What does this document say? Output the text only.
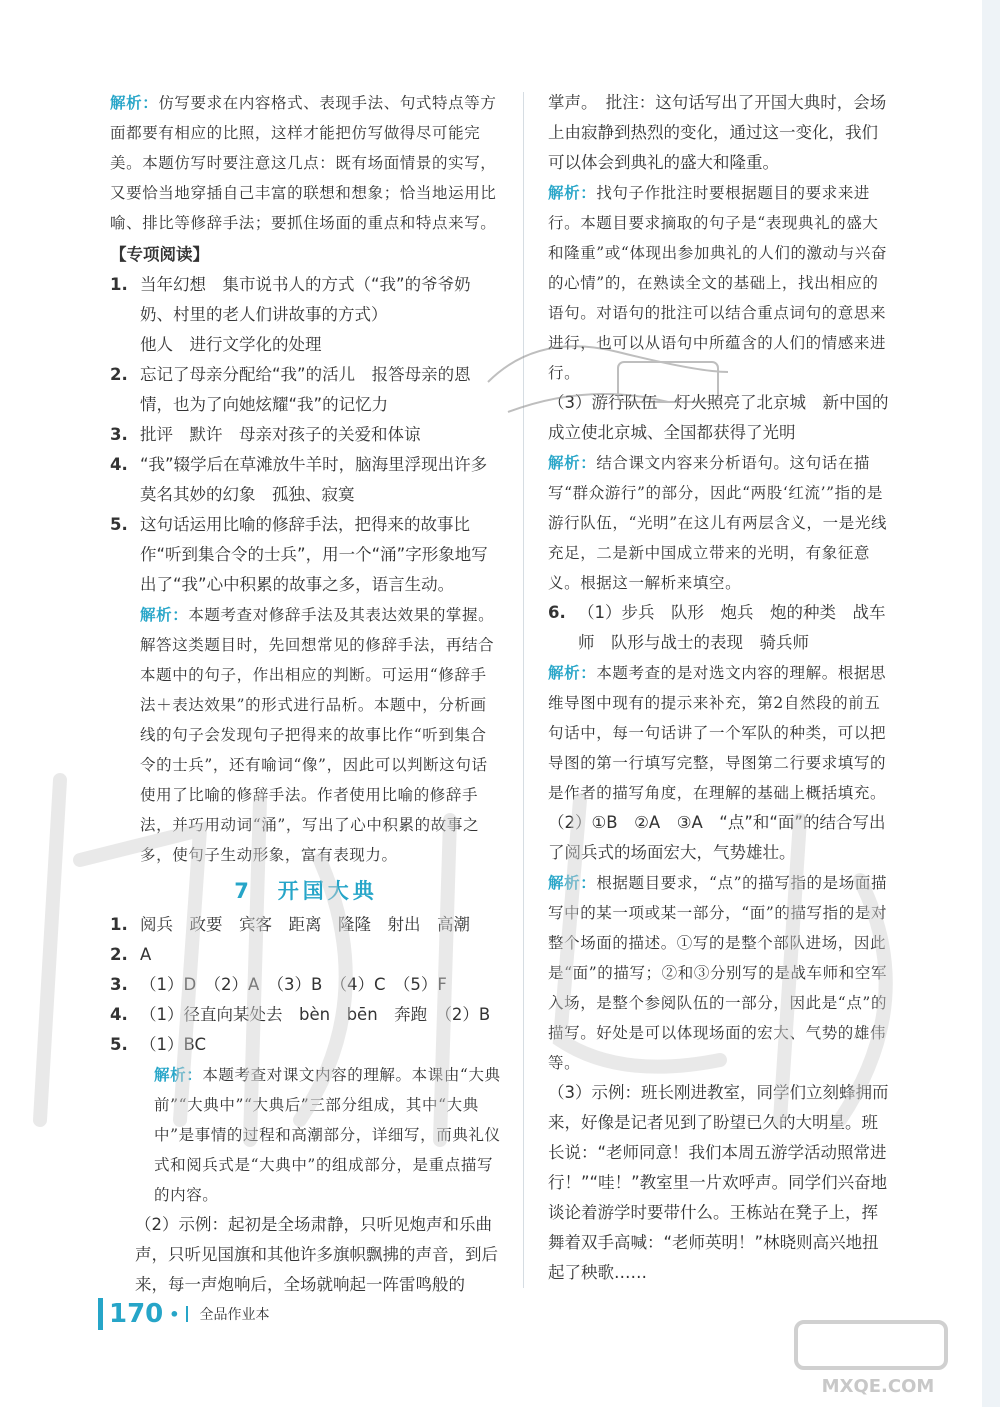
解析：仿写要求在内容格式、表现手法、句式特点等方面都要有相应的比照，这样才能把仿写做得尽可能完美。本题仿写时要注意这几点：既有场面情景的实写，又要恰当地穿插自己丰富的联想和想象；恰当地运用比喻、排比等修辞手法；要抓住场面的重点和特点来写。

【专项阅读】

1. 当年幻想　集市说书人的方式（“我”的爷爷奶奶、村里的老人们讲故事的方式）
他人　进行文学化的处理
2. 忘记了母亲分配给“我”的活儿　报答母亲的恩情，也为了向她炫耀“我”的记忆力
3. 批评　默许　母亲对孩子的关爱和体谅
4. “我”辍学后在草滩放牛羊时，脑海里浮现出许多莫名其妙的幻象　孤独、寂寞
5. 这句话运用比喻的修辞手法，把得来的故事比作“听到集合令的士兵”，用一个“涌”字形象地写出了“我”心中积累的故事之多，语言生动。

解析：本题考查对修辞手法及其表达效果的掌握。解答这类题目时，先回想常见的修辞手法，再结合本题中的句子，作出相应的判断。可运用“修辞手法＋表达效果”的形式进行品析。本题中，分析画线的句子会发现句子把得来的故事比作“听到集合令的士兵”，还有喻词“像”，因此可以判断这句话使用了比喻的修辞手法。作者使用比喻的修辞手法，并巧用动词“涌”，写出了心中积累的故事之多，使句子生动形象，富有表现力。

7　开国大典
1. 阅兵　政要　宾客　距离　隆隆　射出　高潮
2. A
3. （1）D　（2）A　（3）B　（4）C　（5）F
4. （1）径直向某处去　bèn　bēn　奔跑　（2）B
5. （1）BC

解析：本题考查对课文内容的理解。本课由“大典前”“大典中”“大典后”三部分组成，其中“大典中”是事情的过程和高潮部分，详细写，而典礼仪式和阅兵式是“大典中”的组成部分，是重点描写的内容。

（2）示例：起初是全场肃静，只听见炮声和乐曲声，只听见国旗和其他许多旗帜飘拂的声音，到后来，每一声炮响后，全场就响起一阵雷鸣般的

掌声。　批注：这句话写出了开国大典时，会场上由寂静到热烈的变化，通过这一变化，我们可以体会到典礼的盛大和隆重。

解析：找句子作批注时要根据题目的要求来进行。本题目要求摘取的句子是“表现典礼的盛大和隆重”或“体现出参加典礼的人们的激动与兴奋的心情”的，在熟读全文的基础上，找出相应的语句。对语句的批注可以结合重点词句的意思来进行，也可以从语句中所蕴含的人们的情感来进行。

（3）游行队伍　灯火照亮了北京城　新中国的成立使北京城、全国都获得了光明

解析：结合课文内容来分析语句。这句话在描写“群众游行”的部分，因此“两股‘红流’”指的是游行队伍，“光明”在这儿有两层含义，一是光线充足，二是新中国成立带来的光明，有象征意义。根据这一解析来填空。

6. （1）步兵　队形　炮兵　炮的种类　战车师　队形与战士的表现　骑兵师

解析：本题考查的是对选文内容的理解。根据思维导图中现有的提示来补充，第2自然段的前五句话中，每一句话讲了一个军队的种类，可以把导图的第一行填写完整，导图第二行要求填写的是作者的描写角度，在理解的基础上概括填充。

（2）①B　②A　③A　“点”和“面”的结合写出了阅兵式的场面宏大，气势雄壮。

解析：根据题目要求，“点”的描写指的是场面描写中的某一项或某一部分，“面”的描写指的是对整个场面的描述。①写的是整个部队进场，因此是“面”的描写；②和③分别写的是战车师和空军入场，是整个参阅队伍的一部分，因此是“点”的描写。好处是可以体现场面的宏大、气势的雄伟等。

（3）示例：班长刚进教室，同学们立刻蜂拥而来，好像是记者见到了盼望已久的大明星。班长说：“老师同意！我们本周五游学活动照常进行！”“哇！”教室里一片欢呼声。同学们兴奋地谈论着游学时要带什么。王栋站在凳子上，挥舞着双手高喊：“老师英明！”林晓则高兴地扭起了秧歌……

MXQE.COM
170 • 全品作业本
